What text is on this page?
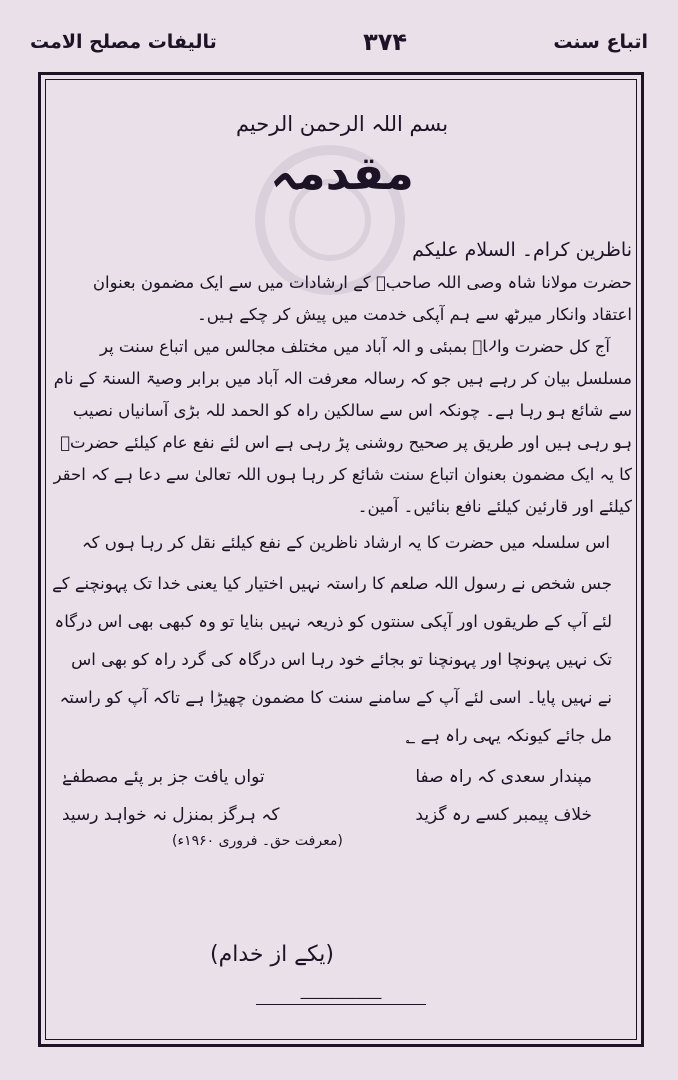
تالیفات مصلح الامت	۳۷۴	اتباع سنت
بسم اللہ الرحمن الرحیم
مقدمہ

ناظرین کرام۔ السلام علیکم

حضرت مولانا شاہ وصی اللہ صاحبؒ کے ارشادات میں سے ایک مضمون بعنوان اعتقاد وانکار میرٹھ سے ہم آپکی خدمت میں پیش کر چکے ہیں۔

آج کل حضرت والاؒ بمبئی و الہ آباد میں مختلف مجالس میں اتباع سنت پر مسلسل بیان کر رہے ہیں جو کہ رسالہ معرفت الہ آباد میں برابر وصیۃ السنۃ کے نام سے شائع ہو رہا ہے۔ چونکہ اس سے سالکین راہ کو الحمد للہ بڑی آسانیاں نصیب ہو رہی ہیں اور طریق پر صحیح روشنی پڑ رہی ہے اس لئے نفع عام کیلئے حضرتؒ کا یہ ایک مضمون بعنوان اتباع سنت شائع کر رہا ہوں اللہ تعالیٰ سے دعا ہے کہ احقر کیلئے اور قارئین کیلئے نافع بنائیں۔ آمین۔

اس سلسلہ میں حضرت کا یہ ارشاد ناظرین کے نفع کیلئے نقل کر رہا ہوں کہ

جس شخص نے رسول اللہ صلعم کا راستہ نہیں اختیار کیا یعنی خدا تک پہونچنے کے لئے آپ کے طریقوں اور آپکی سنتوں کو ذریعہ نہیں بنایا تو وہ کبھی بھی اس درگاہ تک نہیں پہونچا اور پہونچنا تو بجائے خود رہا اس درگاہ کی گرد راہ کو بھی اس نے نہیں پایا۔ اسی لئے آپ کے سامنے سنت کا مضمون چھیڑا ہے تاکہ آپ کو راستہ مل جائے کیونکہ یہی راہ ہے ؂

مپندار سعدی کہ راہ صفا
تواں یافت جز بر پئے مصطفےٰ
خلاف پیمبر کسے رہ گزید
کہ ہرگز بمنزل نہ خواہد رسید

(معرفت حق۔ فروری ۱۹۶۰ء)

(یکے از خدام)
ـــــــــــــــــــــــ
